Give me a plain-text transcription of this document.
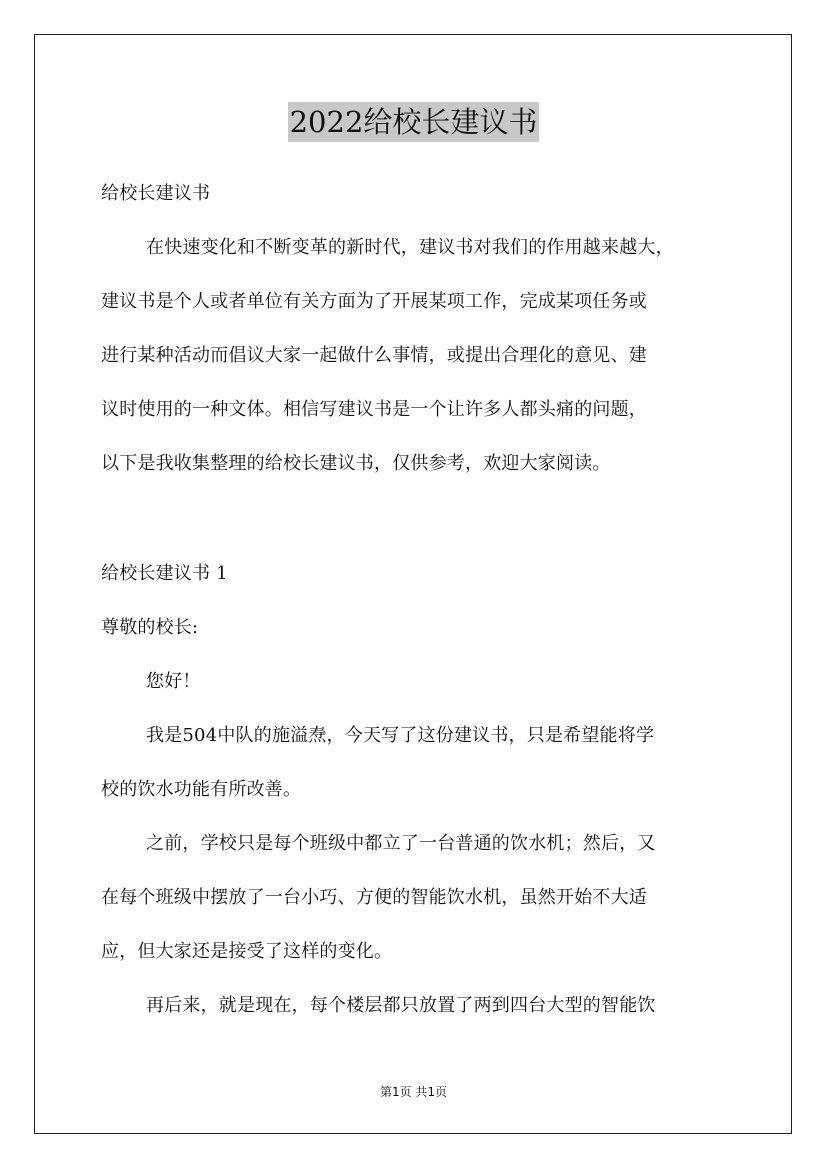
2022给校长建议书
给校长建议书
在快速变化和不断变革的新时代，建议书对我们的作用越来越大，
建议书是个人或者单位有关方面为了开展某项工作，完成某项任务或
进行某种活动而倡议大家一起做什么事情，或提出合理化的意见、建
议时使用的一种文体。相信写建议书是一个让许多人都头痛的问题，
以下是我收集整理的给校长建议书，仅供参考，欢迎大家阅读。
给校长建议书 1
尊敬的校长:
您好！
我是504中队的施溢焘，今天写了这份建议书，只是希望能将学
校的饮水功能有所改善。
之前，学校只是每个班级中都立了一台普通的饮水机；然后，又
在每个班级中摆放了一台小巧、方便的智能饮水机，虽然开始不大适
应，但大家还是接受了这样的变化。
再后来，就是现在，每个楼层都只放置了两到四台大型的智能饮
第1页 共1页
